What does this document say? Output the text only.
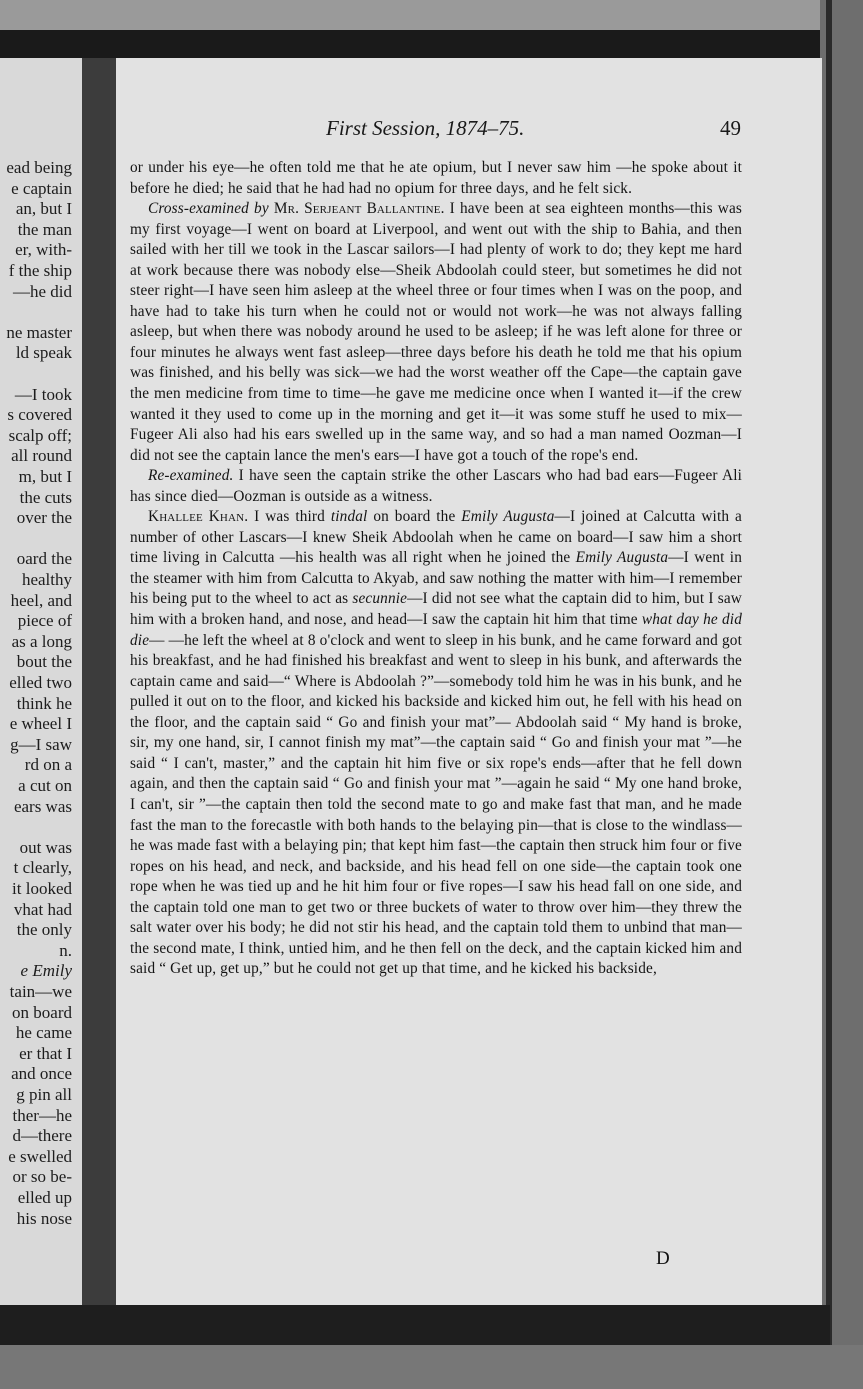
ead being
e captain
an, but I
the man
er, with-
f the ship
—he did
ne master
ld speak
—I took
s covered
scalp off;
all round
m, but I
the cuts
over the
oard the
healthy
heel, and
piece of
as a long
bout the
elled two
think he
e wheel I
g—I saw
rd on a
a cut on
ears was
out was
t clearly,
it looked
vhat had
the only
n.
e Emily
tain—we
on board
he came
er that I
and once
g pin all
ther—he
d—there
e swelled
or so be-
elled up
his nose
First Session, 1874–75.	49

or under his eye—he often told me that he ate opium, but I never saw him —he spoke about it before he died; he said that he had had no opium for three days, and he felt sick.

Cross-examined by Mr. Serjeant Ballantine. I have been at sea eighteen months—this was my first voyage—I went on board at Liverpool, and went out with the ship to Bahia, and then sailed with her till we took in the Lascar sailors—I had plenty of work to do; they kept me hard at work because there was nobody else—Sheik Abdoolah could steer, but sometimes he did not steer right—I have seen him asleep at the wheel three or four times when I was on the poop, and have had to take his turn when he could not or would not work—he was not always falling asleep, but when there was nobody around he used to be asleep; if he was left alone for three or four minutes he always went fast asleep—three days before his death he told me that his opium was finished, and his belly was sick—we had the worst weather off the Cape—the captain gave the men medicine from time to time—he gave me medicine once when I wanted it—if the crew wanted it they used to come up in the morning and get it—it was some stuff he used to mix—Fugeer Ali also had his ears swelled up in the same way, and so had a man named Oozman—I did not see the captain lance the men's ears—I have got a touch of the rope's end.

Re-examined. I have seen the captain strike the other Lascars who had bad ears—Fugeer Ali has since died—Oozman is outside as a witness.

Khallee Khan. I was third tindal on board the Emily Augusta—I joined at Calcutta with a number of other Lascars—I knew Sheik Abdoolah when he came on board—I saw him a short time living in Calcutta —his health was all right when he joined the Emily Augusta—I went in the steamer with him from Calcutta to Akyab, and saw nothing the matter with him—I remember his being put to the wheel to act as secunnie—I did not see what the captain did to him, but I saw him with a broken hand, and nose, and head—I saw the captain hit him that time what day he did die— —he left the wheel at 8 o'clock and went to sleep in his bunk, and he came forward and got his breakfast, and he had finished his breakfast and went to sleep in his bunk, and afterwards the captain came and said—“ Where is Abdoolah ?”—somebody told him he was in his bunk, and he pulled it out on to the floor, and kicked his backside and kicked him out, he fell with his head on the floor, and the captain said “ Go and finish your mat”— Abdoolah said “ My hand is broke, sir, my one hand, sir, I cannot finish my mat”—the captain said “ Go and finish your mat ”—he said “ I can't, master,” and the captain hit him five or six rope's ends—after that he fell down again, and then the captain said “ Go and finish your mat ”—again he said “ My one hand broke, I can't, sir ”—the captain then told the second mate to go and make fast that man, and he made fast the man to the forecastle with both hands to the belaying pin—that is close to the windlass—he was made fast with a belaying pin; that kept him fast—the captain then struck him four or five ropes on his head, and neck, and backside, and his head fell on one side—the captain took one rope when he was tied up and he hit him four or five ropes—I saw his head fall on one side, and the captain told one man to get two or three buckets of water to throw over him—they threw the salt water over his body; he did not stir his head, and the captain told them to unbind that man—the second mate, I think, untied him, and he then fell on the deck, and the captain kicked him and said “ Get up, get up,” but he could not get up that time, and he kicked his backside,

D
